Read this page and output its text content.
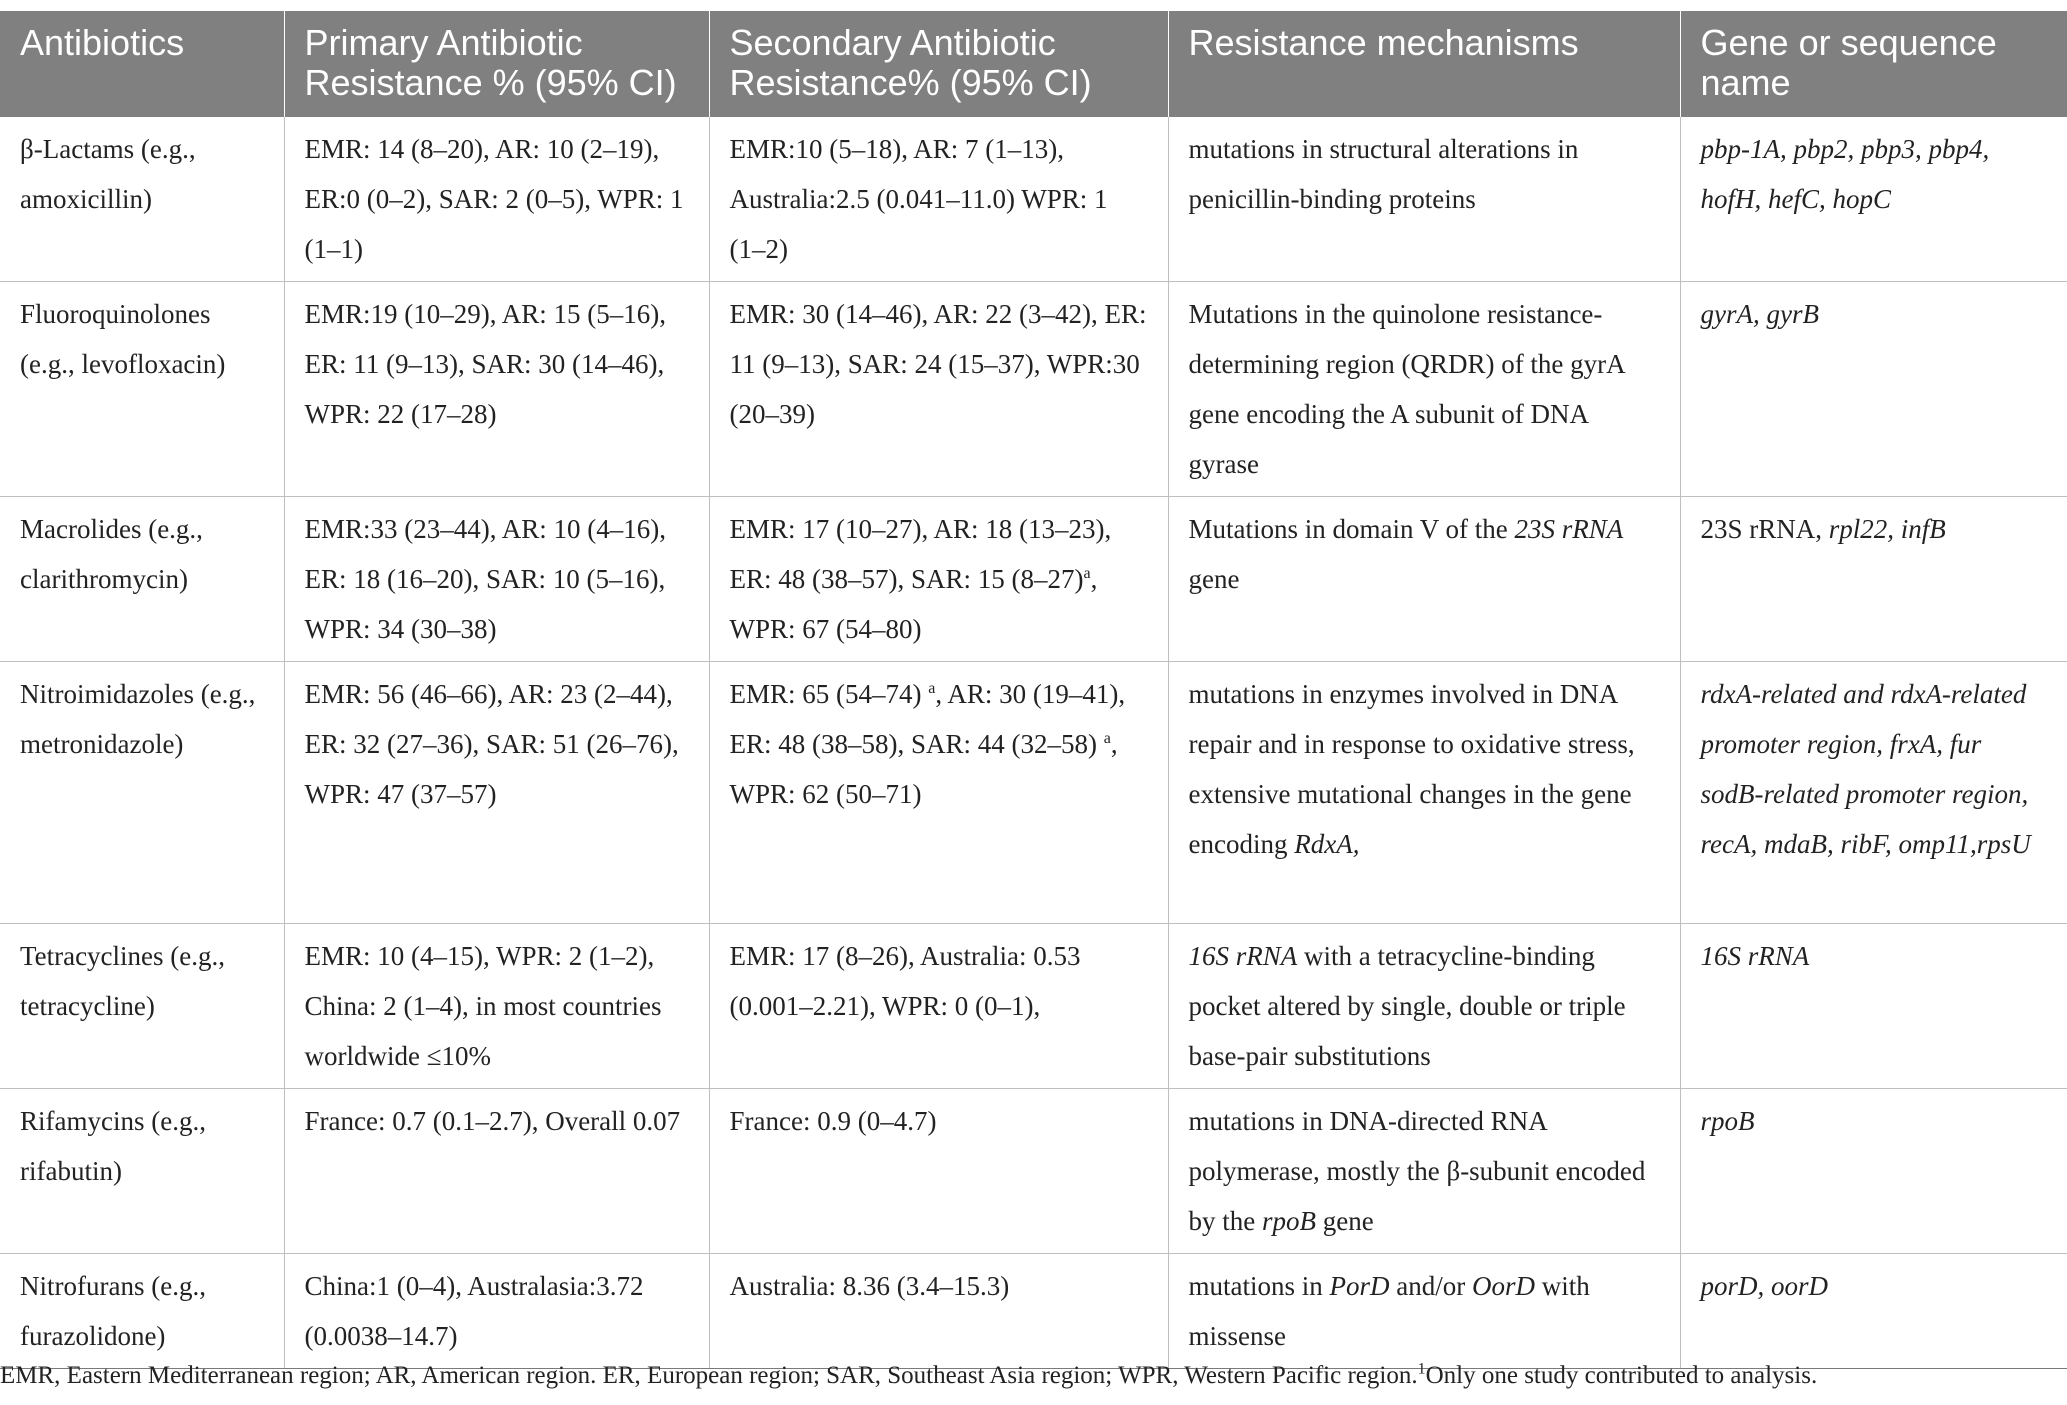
Antibiotics	Primary Antibiotic Resistance % (95% CI)	Secondary Antibiotic Resistance% (95% CI)	Resistance mechanisms	Gene or sequence name
β-Lactams (e.g., amoxicillin)	EMR: 14 (8–20), AR: 10 (2–19), ER:0 (0–2), SAR: 2 (0–5), WPR: 1 (1–1)	EMR:10 (5–18), AR: 7 (1–13), Australia:2.5 (0.041–11.0) WPR: 1 (1–2)	mutations in structural alterations in penicillin-binding proteins	pbp-1A, pbp2, pbp3, pbp4, hofH, hefC, hopC
Fluoroquinolones (e.g., levofloxacin)	EMR:19 (10–29), AR: 15 (5–16), ER: 11 (9–13), SAR: 30 (14–46), WPR: 22 (17–28)	EMR: 30 (14–46), AR: 22 (3–42), ER: 11 (9–13), SAR: 24 (15–37), WPR:30 (20–39)	Mutations in the quinolone resistance-determining region (QRDR) of the gyrA gene encoding the A subunit of DNA gyrase	gyrA, gyrB
Macrolides (e.g., clarithromycin)	EMR:33 (23–44), AR: 10 (4–16), ER: 18 (16–20), SAR: 10 (5–16), WPR: 34 (30–38)	EMR: 17 (10–27), AR: 18 (13–23), ER: 48 (38–57), SAR: 15 $(8-27)^a$, WPR: 67 (54–80)	Mutations in domain V of the 23S rRNA gene	23S rRNA, rpl22, infB
Nitroimidazoles (e.g., metronidazole)	EMR: 56 (46–66), AR: 23 (2–44), ER: 32 (27–36), SAR: 51 (26–76), WPR: 47 (37–57)	EMR: 65 (54–74) $^a$, AR: 30 (19–41), ER: 48 (38–58), SAR: 44 (32–58) $^a$, WPR: 62 (50–71)	mutations in enzymes involved in DNA repair and in response to oxidative stress, extensive mutational changes in the gene encoding RdxA,	rdxA-related and rdxA-related promoter region, frxA, fur sodB-related promoter region, recA, mdaB, ribF, omp11,rpsU
Tetracyclines (e.g., tetracycline)	EMR: 10 (4–15), WPR: 2 (1–2), China: 2 (1–4), in most countries worldwide ≤10%	EMR: 17 (8–26), Australia: 0.53 (0.001–2.21), WPR: 0 (0–1),	16S rRNA with a tetracycline-binding pocket altered by single, double or triple base-pair substitutions	16S rRNA
Rifamycins (e.g., rifabutin)	France: 0.7 (0.1–2.7), Overall 0.07	France: 0.9 (0–4.7)	mutations in DNA-directed RNA polymerase, mostly the β-subunit encoded by the rpoB gene	rpoB
Nitrofurans (e.g., furazolidone)	China:1 (0–4), Australasia:3.72 (0.0038–14.7)	Australia: 8.36 (3.4–15.3)	mutations in PorD and/or OorD with missense	porD, oorD
EMR, Eastern Mediterranean region; AR, American region. ER, European region; SAR, Southeast Asia region; WPR, Western Pacific region.$^1$Only one study contributed to analysis.
